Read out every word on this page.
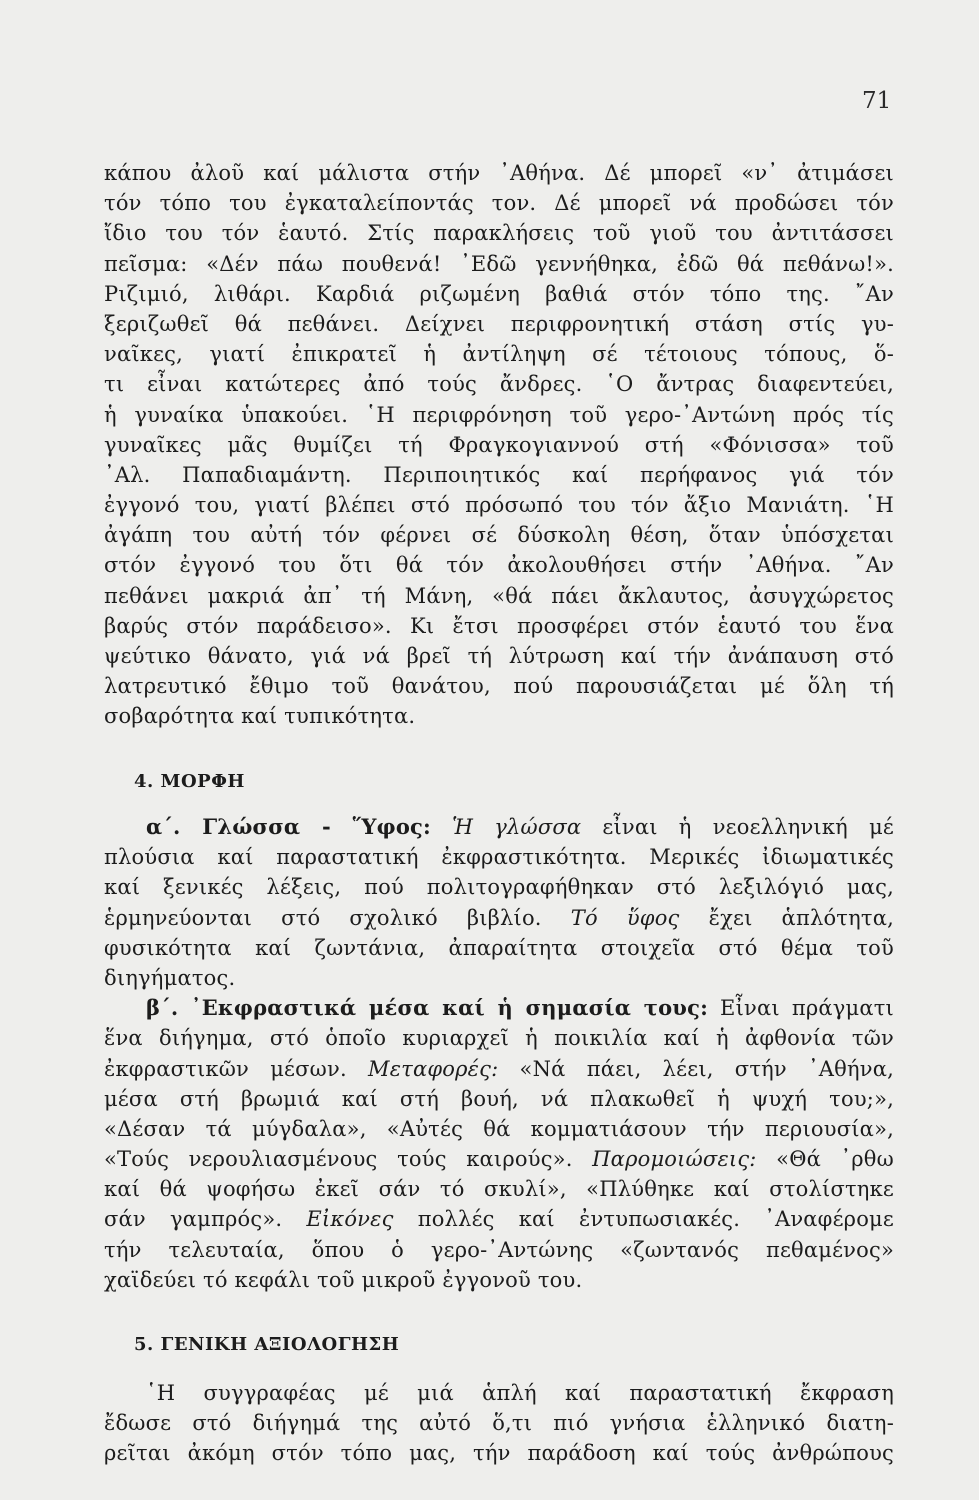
71
κάπου ἀλοῦ καί μάλιστα στήν ᾿Αθήνα. Δέ μπορεῖ «ν᾿ ἀτιμάσει
τόν τόπο του ἐγκαταλείποντάς τον. Δέ μπορεῖ νά προδώσει τόν
ἴδιο του τόν ἑαυτό. Στίς παρακλήσεις τοῦ γιοῦ του ἀντιτάσσει
πεῖσμα: «Δέν πάω πουθενά! ᾿Εδῶ γεννήθηκα, ἐδῶ θά πεθάνω!».
Ριζιμιό, λιθάρι. Καρδιά ριζωμένη βαθιά στόν τόπο της. ῎Αν
ξεριζωθεῖ θά πεθάνει. Δείχνει περιφρονητική στάση στίς γυ-
ναῖκες, γιατί ἐπικρατεῖ ἡ ἀντίληψη σέ τέτοιους τόπους, ὅ-
τι εἶναι κατώτερες ἀπό τούς ἄνδρες. ῾Ο ἄντρας διαφεντεύει,
ἡ γυναίκα ὑπακούει. ῾Η περιφρόνηση τοῦ γερο-᾿Αντώνη πρός τίς
γυναῖκες μᾶς θυμίζει τή Φραγκογιαννού στή «Φόνισσα» τοῦ
᾿Αλ. Παπαδιαμάντη. Περιποιητικός καί περήφανος γιά τόν
ἐγγονό του, γιατί βλέπει στό πρόσωπό του τόν ἄξιο Μανιάτη. ῾Η
ἀγάπη του αὐτή τόν φέρνει σέ δύσκολη θέση, ὅταν ὑπόσχεται
στόν ἐγγονό του ὅτι θά τόν ἀκολουθήσει στήν ᾿Αθήνα. ῎Αν
πεθάνει μακριά ἀπ᾿ τή Μάνη, «θά πάει ἄκλαυτος, ἀσυγχώρετος
βαρύς στόν παράδεισο». Κι ἔτσι προσφέρει στόν ἑαυτό του ἕνα
ψεύτικο θάνατο, γιά νά βρεῖ τή λύτρωση καί τήν ἀνάπαυση στό
λατρευτικό ἔθιμο τοῦ θανάτου, πού παρουσιάζεται μέ ὅλη τή
σοβαρότητα καί τυπικότητα.
4. ΜΟΡΦΗ
α΄. Γλώσσα - Ὕφος: Ἡ γλώσσα εἶναι ἡ νεοελληνική μέ
πλούσια καί παραστατική ἐκφραστικότητα. Μερικές ἰδιωματικές
καί ξενικές λέξεις, πού πολιτογραφήθηκαν στό λεξιλόγιό μας,
ἑρμηνεύονται στό σχολικό βιβλίο. Τό ὕφος ἔχει ἁπλότητα,
φυσικότητα καί ζωντάνια, ἀπαραίτητα στοιχεῖα στό θέμα τοῦ
διηγήματος.
β΄. ᾿Εκφραστικά μέσα καί ἡ σημασία τους: Εἶναι πράγματι
ἕνα διήγημα, στό ὁποῖο κυριαρχεῖ ἡ ποικιλία καί ἡ ἀφθονία τῶν
ἐκφραστικῶν μέσων. Μεταφορές: «Νά πάει, λέει, στήν ᾿Αθήνα,
μέσα στή βρωμιά καί στή βουή, νά πλακωθεῖ ἡ ψυχή του;»,
«Δέσαν τά μύγδαλα», «Αὐτές θά κομματιάσουν τήν περιουσία»,
«Τούς νερουλιασμένους τούς καιρούς». Παρομοιώσεις: «Θά ᾽ρθω
καί θά ψοφήσω ἐκεῖ σάν τό σκυλί», «Πλύθηκε καί στολίστηκε
σάν γαμπρός». Εἰκόνες πολλές καί ἐντυπωσιακές. ᾿Αναφέρομε
τήν τελευταία, ὅπου ὁ γερο-᾿Αντώνης «ζωντανός πεθαμένος»
χαϊδεύει τό κεφάλι τοῦ μικροῦ ἐγγονοῦ του.
5. ΓΕΝΙΚΗ ΑΞΙΟΛΟΓΗΣΗ
῾Η συγγραφέας μέ μιά ἁπλή καί παραστατική ἔκφραση
ἔδωσε στό διήγημά της αὐτό ὅ,τι πιό γνήσια ἑλληνικό διατη-
ρεῖται ἀκόμη στόν τόπο μας, τήν παράδοση καί τούς ἀνθρώπους
